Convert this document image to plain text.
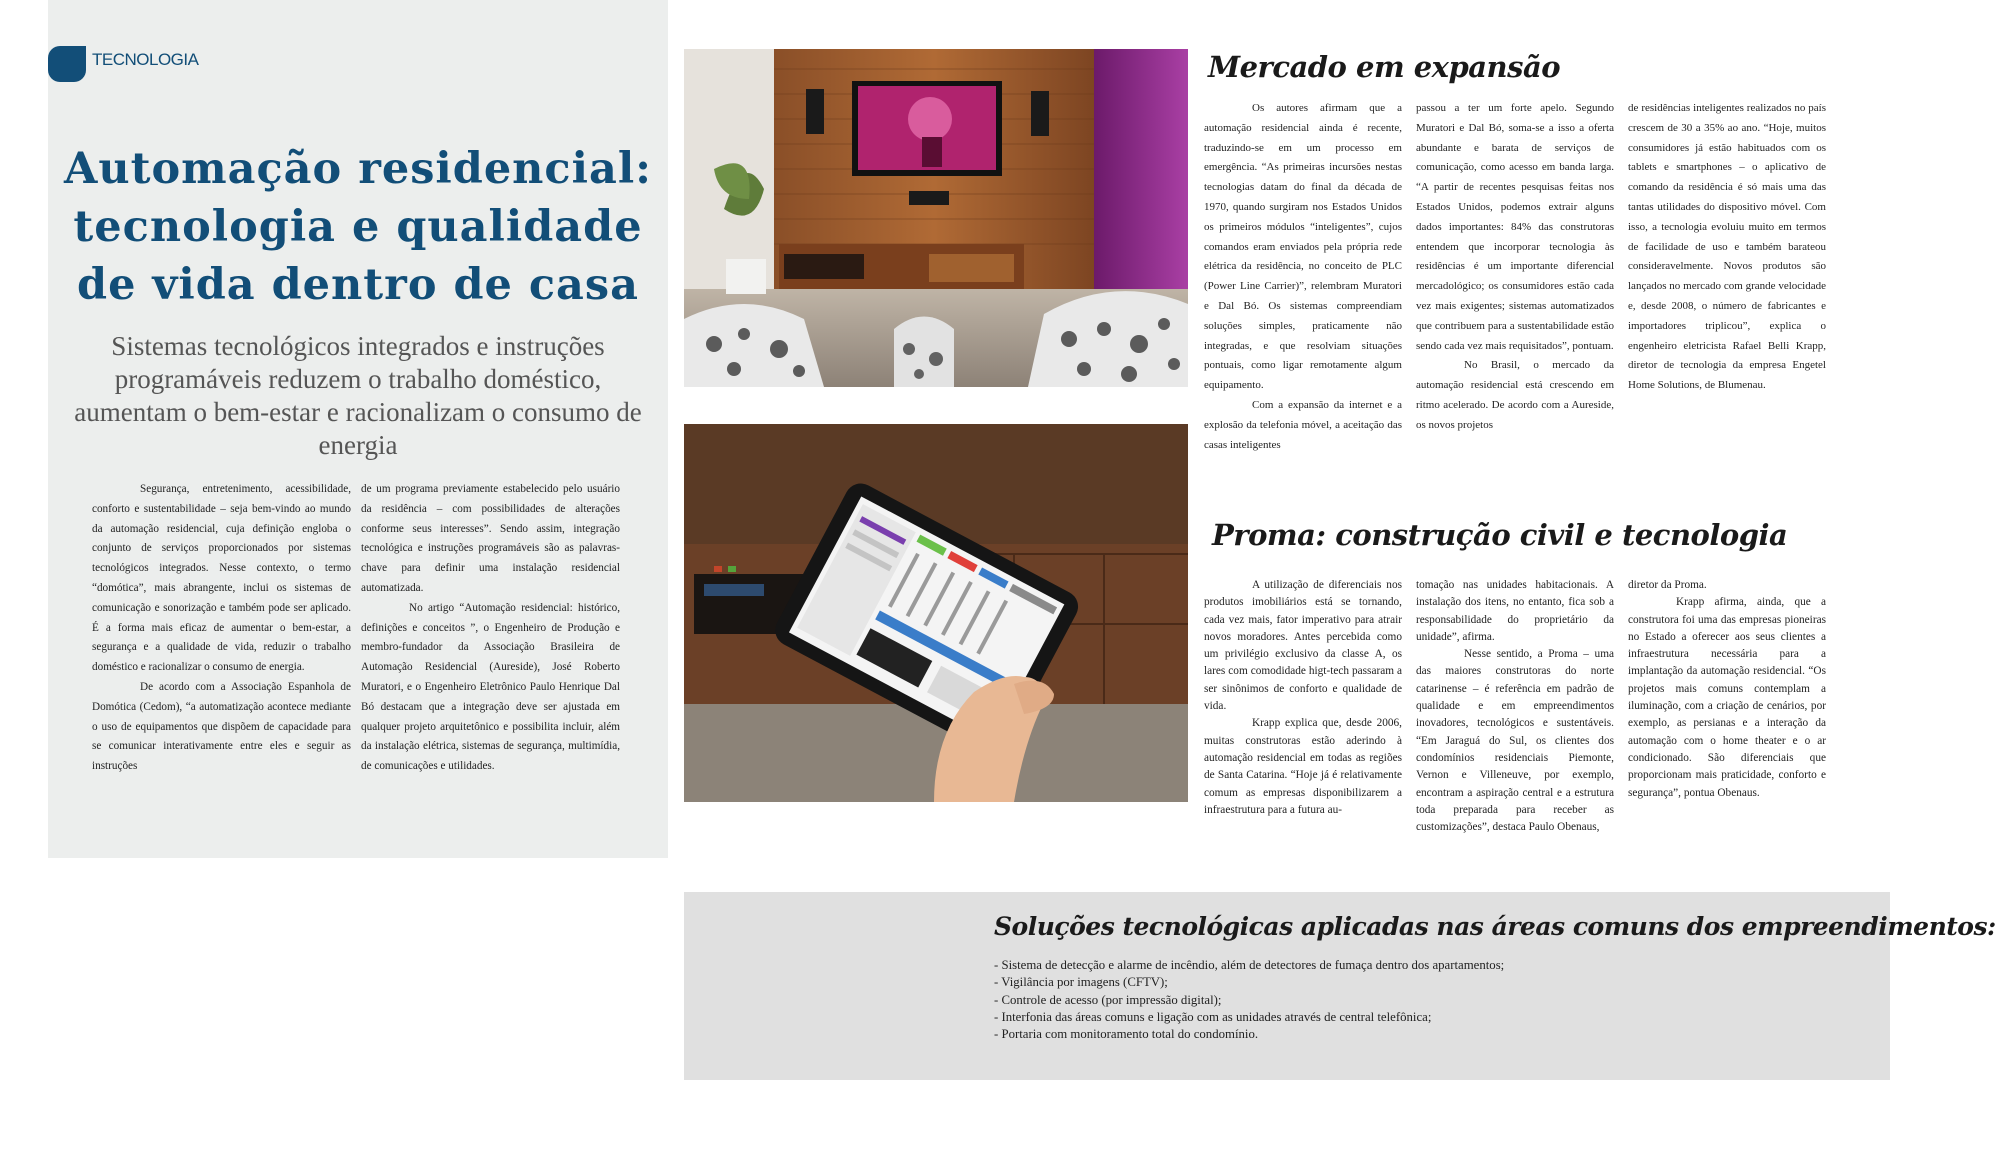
TECNOLOGIA
Automação residencial:
tecnologia e qualidade
de vida dentro de casa

Sistemas tecnológicos integrados e instruções programáveis reduzem o trabalho doméstico, aumentam o bem-estar e racionalizam o consumo de energia

Segurança, entretenimento, acessibilidade, conforto e sustentabilidade – seja bem-vindo ao mundo da automação residencial, cuja definição engloba o conjunto de serviços proporcionados por sistemas tecnológicos integrados. Nesse contexto, o termo “domótica”, mais abrangente, inclui os sistemas de comunicação e sonorização e também pode ser aplicado. É a forma mais eficaz de aumentar o bem-estar, a segurança e a qualidade de vida, reduzir o trabalho doméstico e racionalizar o consumo de energia.

De acordo com a Associação Espanhola de Domótica (Cedom), “a automatização acontece mediante o uso de equipamentos que dispõem de capacidade para se comunicar interativamente entre eles e seguir as instruções

de um programa previamente estabelecido pelo usuário da residência – com possibilidades de alterações conforme seus interesses”. Sendo assim, integração tecnológica e instruções programáveis são as palavras-chave para definir uma instalação residencial automatizada.

No artigo “Automação residencial: histórico, definições e conceitos ”, o Engenheiro de Produção e membro-fundador da Associação Brasileira de Automação Residencial (Aureside), José Roberto Muratori, e o Engenheiro Eletrônico Paulo Henrique Dal Bó destacam que a integração deve ser ajustada em qualquer projeto arquitetônico e possibilita incluir, além da instalação elétrica, sistemas de segurança, multimídia, de comunicações e utilidades.

Mercado em expansão

Os autores afirmam que a automação residencial ainda é recente, traduzindo-se em um processo em emergência. “As primeiras incursões nestas tecnologias datam do final da década de 1970, quando surgiram nos Estados Unidos os primeiros módulos “inteligentes”, cujos comandos eram enviados pela própria rede elétrica da residência, no conceito de PLC (Power Line Carrier)”, relembram Muratori e Dal Bó. Os sistemas compreendiam soluções simples, praticamente não integradas, e que resolviam situações pontuais, como ligar remotamente algum equipamento.

Com a expansão da internet e a explosão da telefonia móvel, a aceitação das casas inteligentes

passou a ter um forte apelo. Segundo Muratori e Dal Bó, soma-se a isso a oferta abundante e barata de serviços de comunicação, como acesso em banda larga. “A partir de recentes pesquisas feitas nos Estados Unidos, podemos extrair alguns dados importantes: 84% das construtoras entendem que incorporar tecnologia às residências é um importante diferencial mercadológico; os consumidores estão cada vez mais exigentes; sistemas automatizados que contribuem para a sustentabilidade estão sendo cada vez mais requisitados”, pontuam.

No Brasil, o mercado da automação residencial está crescendo em ritmo acelerado. De acordo com a Aureside, os novos projetos

de residências inteligentes realizados no país crescem de 30 a 35% ao ano. “Hoje, muitos consumidores já estão habituados com os tablets e smartphones – o aplicativo de comando da residência é só mais uma das tantas utilidades do dispositivo móvel. Com isso, a tecnologia evoluiu muito em termos de facilidade de uso e também barateou consideravelmente. Novos produtos são lançados no mercado com grande velocidade e, desde 2008, o número de fabricantes e importadores triplicou”, explica o engenheiro eletricista Rafael Belli Krapp, diretor de tecnologia da empresa Engetel Home Solutions, de Blumenau.

Proma: construção civil e tecnologia

A utilização de diferenciais nos produtos imobiliários está se tornando, cada vez mais, fator imperativo para atrair novos moradores. Antes percebida como um privilégio exclusivo da classe A, os lares com comodidade higt-tech passaram a ser sinônimos de conforto e qualidade de vida.

Krapp explica que, desde 2006, muitas construtoras estão aderindo à automação residencial em todas as regiões de Santa Catarina. “Hoje já é relativamente comum as empresas disponibilizarem a infraestrutura para a futura au-

tomação nas unidades habitacionais. A instalação dos itens, no entanto, fica sob a responsabilidade do proprietário da unidade”, afirma.

Nesse sentido, a Proma – uma das maiores construtoras do norte catarinense – é referência em padrão de qualidade e em empreendimentos inovadores, tecnológicos e sustentáveis. “Em Jaraguá do Sul, os clientes dos condomínios residenciais Piemonte, Vernon e Villeneuve, por exemplo, encontram a aspiração central e a estrutura toda preparada para receber as customizações”, destaca Paulo Obenaus,

diretor da Proma.

Krapp afirma, ainda, que a construtora foi uma das empresas pioneiras no Estado a oferecer aos seus clientes a infraestrutura necessária para a implantação da automação residencial. “Os projetos mais comuns contemplam a iluminação, com a criação de cenários, por exemplo, as persianas e a interação da automação com o home theater e o ar condicionado. São diferenciais que proporcionam mais praticidade, conforto e segurança”, pontua Obenaus.

Soluções tecnológicas aplicadas nas áreas comuns dos empreendimentos:
- Sistema de detecção e alarme de incêndio, além de detectores de fumaça dentro dos apartamentos;
- Vigilância por imagens (CFTV);
- Controle de acesso (por impressão digital);
- Interfonia das áreas comuns e ligação com as unidades através de central telefônica;
- Portaria com monitoramento total do condomínio.
